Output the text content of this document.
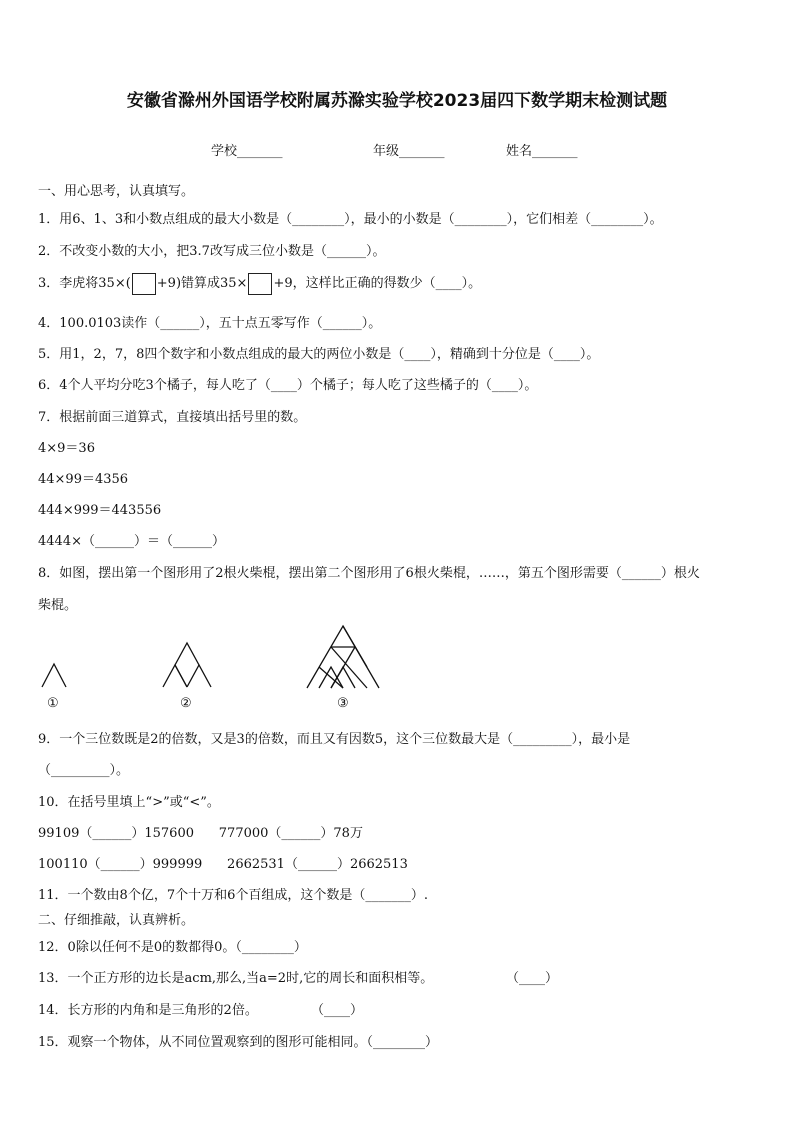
安徽省滁州外国语学校附属苏滁实验学校2023届四下数学期末检测试题
学校_______	年级_______	姓名_______
一、用心思考，认真填写。
1．用6、1、3和小数点组成的最大小数是（________），最小的小数是（________），它们相差（________）。
2．不改变小数的大小，把3.7改写成三位小数是（______）。
3．李虎将35×( +9)错算成35× +9，这样比正确的得数少（____）。
4．100.0103读作（______），五十点五零写作（______）。
5．用1，2，7，8四个数字和小数点组成的最大的两位小数是（____），精确到十分位是（____）。
6．4个人平均分吃3个橘子，每人吃了（____）个橘子；每人吃了这些橘子的（____）。
7．根据前面三道算式，直接填出括号里的数。
4×9＝36
44×99＝4356
444×999＝443556
4444×（______）＝（______）
8．如图，摆出第一个图形用了2根火柴棍，摆出第二个图形用了6根火柴棍，……，第五个图形需要（______）根火
柴棍。
①	②	③
9．一个三位数既是2的倍数，又是3的倍数，而且又有因数5，这个三位数最大是（_________），最小是
（_________）。
10．在括号里填上“>”或“<”。
99109（______）157600      777000（______）78万
100110（______）999999      2662531（______）2662513
11．一个数由8个亿，7个十万和6个百组成，这个数是（_______）.
二、仔细推敲，认真辨析。
12．0除以任何不是0的数都得0。（________）
13．一个正方形的边长是acm,那么,当a=2时,它的周长和面积相等。	（____）
14．长方形的内角和是三角形的2倍。	（____）
15．观察一个物体，从不同位置观察到的图形可能相同。（________）
